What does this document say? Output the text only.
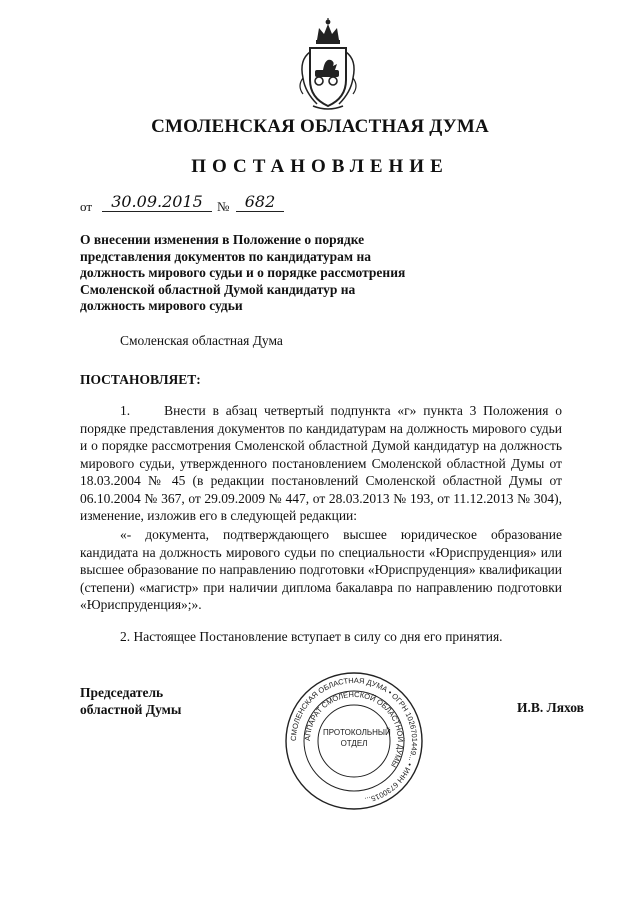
СМОЛЕНСКАЯ ОБЛАСТНАЯ ДУМА
ПОСТАНОВЛЕНИЕ
от	30.09.2015	№ 682
О внесении изменения в Положение о порядке представления документов по кандидатурам на должность мирового судьи и о порядке рассмотрения Смоленской областной Думой кандидатур на должность мирового судьи
Смоленская областная Дума
ПОСТАНОВЛЯЕТ:
1.     Внести в абзац четвертый подпункта «г» пункта 3 Положения о порядке представления документов по кандидатурам на должность мирового судьи и о порядке рассмотрения Смоленской областной Думой кандидатур на должность мирового судьи, утвержденного постановлением Смоленской областной Думы от 18.03.2004 № 45 (в редакции постановлений Смоленской областной Думы от 06.10.2004 № 367, от 29.09.2009 № 447, от 28.03.2013 № 193, от 11.12.2013 № 304), изменение, изложив его в следующей редакции:
«- документа, подтверждающего высшее юридическое образование кандидата на должность мирового судьи по специальности «Юриспруденция» или высшее образование по направлению подготовки «Юриспруденция» квалификации (степени) «магистр» при наличии диплома бакалавра по направлению подготовки «Юриспруденция»;».
2. Настоящее Постановление вступает в силу со дня его принятия.
Председатель
областной Думы
СМОЛЕНСКАЯ ОБЛАСТНАЯ ДУМА • ОГРН 1026701449... • ИНН 6730015...
АППАРАТ СМОЛЕНСКОЙ ОБЛАСТНОЙ ДУМЫ
ПРОТОКОЛЬНЫЙ
ОТДЕЛ
И.В. Ляхов
